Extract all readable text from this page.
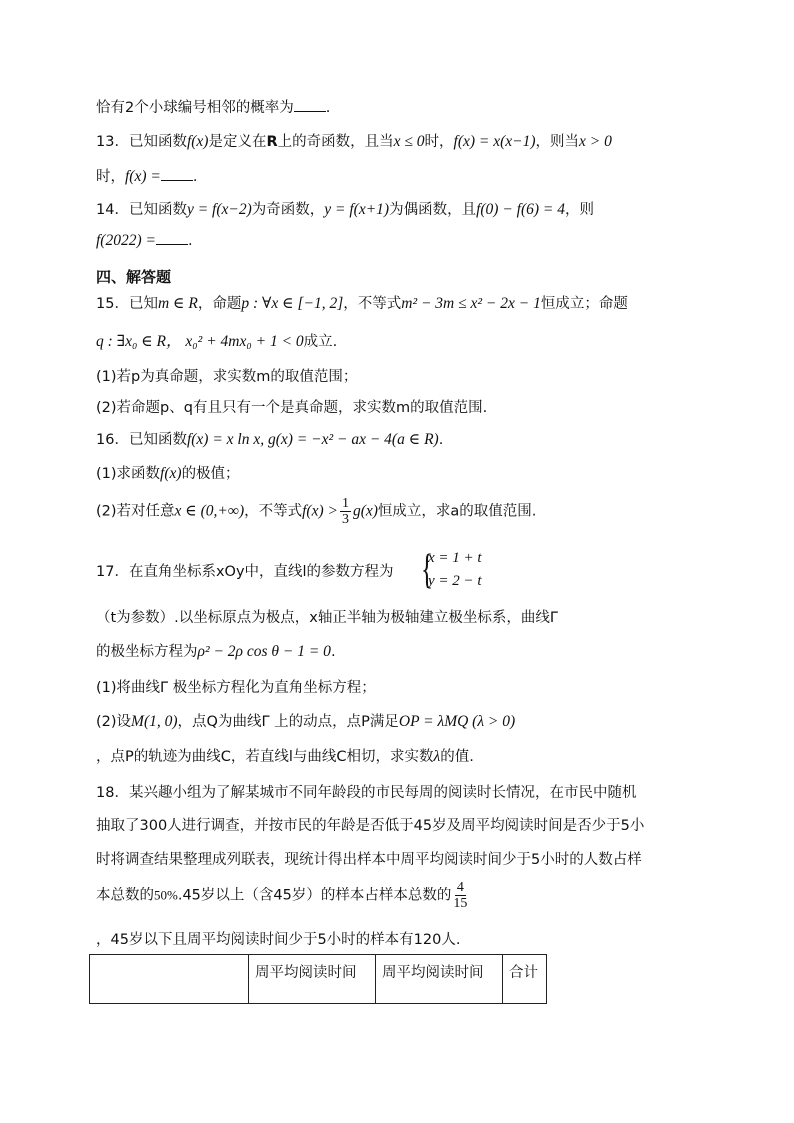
恰有2个小球编号相邻的概率为 .
13．已知函数f(x)是定义在R上的奇函数，且当x ≤ 0时，f(x) = x(x−1)，则当x > 0
时，f(x) = .
14．已知函数y = f(x−2)为奇函数，y = f(x+1)为偶函数，且f(0) − f(6) = 4，则
f(2022) = .
四、解答题
15．已知m ∈ R，命题p : ∀x ∈ [−1, 2]，不等式m² − 3m ≤ x² − 2x − 1恒成立；命题
q : ∃x₀ ∈ R， x₀² + 4mx₀ + 1 < 0成立.
(1)若p为真命题，求实数m的取值范围；
(2)若命题p、q有且只有一个是真命题，求实数m的取值范围.
16．已知函数f(x) = x ln x, g(x) = −x² − ax − 4(a ∈ R).
(1)求函数f(x)的极值；
(2)若对任意x ∈ (0,+∞)，不等式$f(x) > \frac{1}{3} g(x)$恒成立，求a的取值范围.
17．在直角坐标系xOy中，直线l的参数方程为 {
x = 1 + t
y = 2 − t
（t为参数）.以坐标原点为极点，x轴正半轴为极轴建立极坐标系，曲线Γ
的极坐标方程为ρ² − 2ρ cos θ − 1 = 0.
(1)将曲线Γ 极坐标方程化为直角坐标方程；
(2)设M(1, 0)，点Q为曲线Γ 上的动点，点P满足OP = λMQ (λ > 0)
，点P的轨迹为曲线C，若直线l与曲线C相切，求实数λ的值.
18．某兴趣小组为了解某城市不同年龄段的市民每周的阅读时长情况，在市民中随机
抽取了300人进行调查，并按市民的年龄是否低于45岁及周平均阅读时间是否少于5小
时将调查结果整理成列联表，现统计得出样本中周平均阅读时间少于5小时的人数占样
本总数的50%.45岁以上（含45岁）的样本占样本总数的 $\frac{4}{15}$
，45岁以下且周平均阅读时间少于5小时的样本有120人.
	周平均阅读时间	周平均阅读时间	合计
